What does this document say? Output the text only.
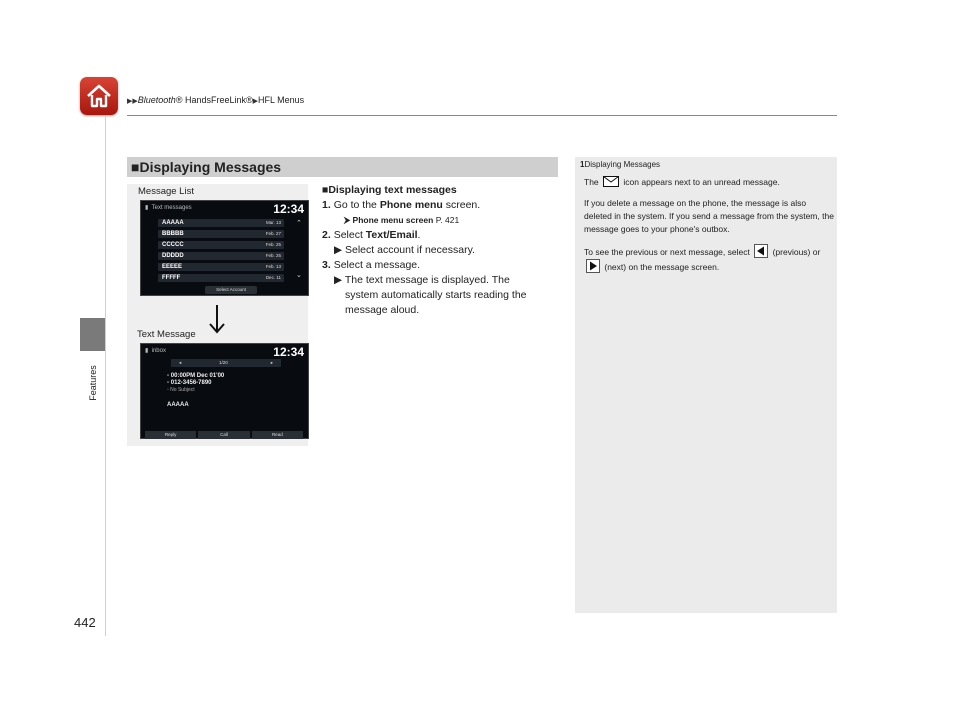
▶▶Bluetooth® HandsFreeLink®▶HFL Menus
Features
442
■Displaying Messages
Message List
▮  Text messages	12:34
AAAAA	Mar. 13
BBBBB	Feb. 27
CCCCC	Feb. 25
DDDDD	Feb. 25
EEEEE	Feb. 13
FFFFF	Dec. 11
⌃
⌄
Select Account
Text Message
▮  inbox	12:34
◂	1/20	▸
▫ 00:00PM Dec 01'00
▫ 012-3456-7890
▫ No Subject
AAAAA
Reply	Call	Read
■Displaying text messages
1. Go to the Phone menu screen.
⮞ Phone menu screen P. 421
2. Select Text/Email.
▶ Select account if necessary.
3. Select a message.
▶ The text message is displayed. The
system automatically starts reading the
message aloud.
1Displaying Messages

The	icon appears next to an unread message.

If you delete a message on the phone, the message is also deleted in the system. If you send a message from the system, the message goes to your phone's outbox.

To see the previous or next message, select	(previous) or  (next) on the message screen.
